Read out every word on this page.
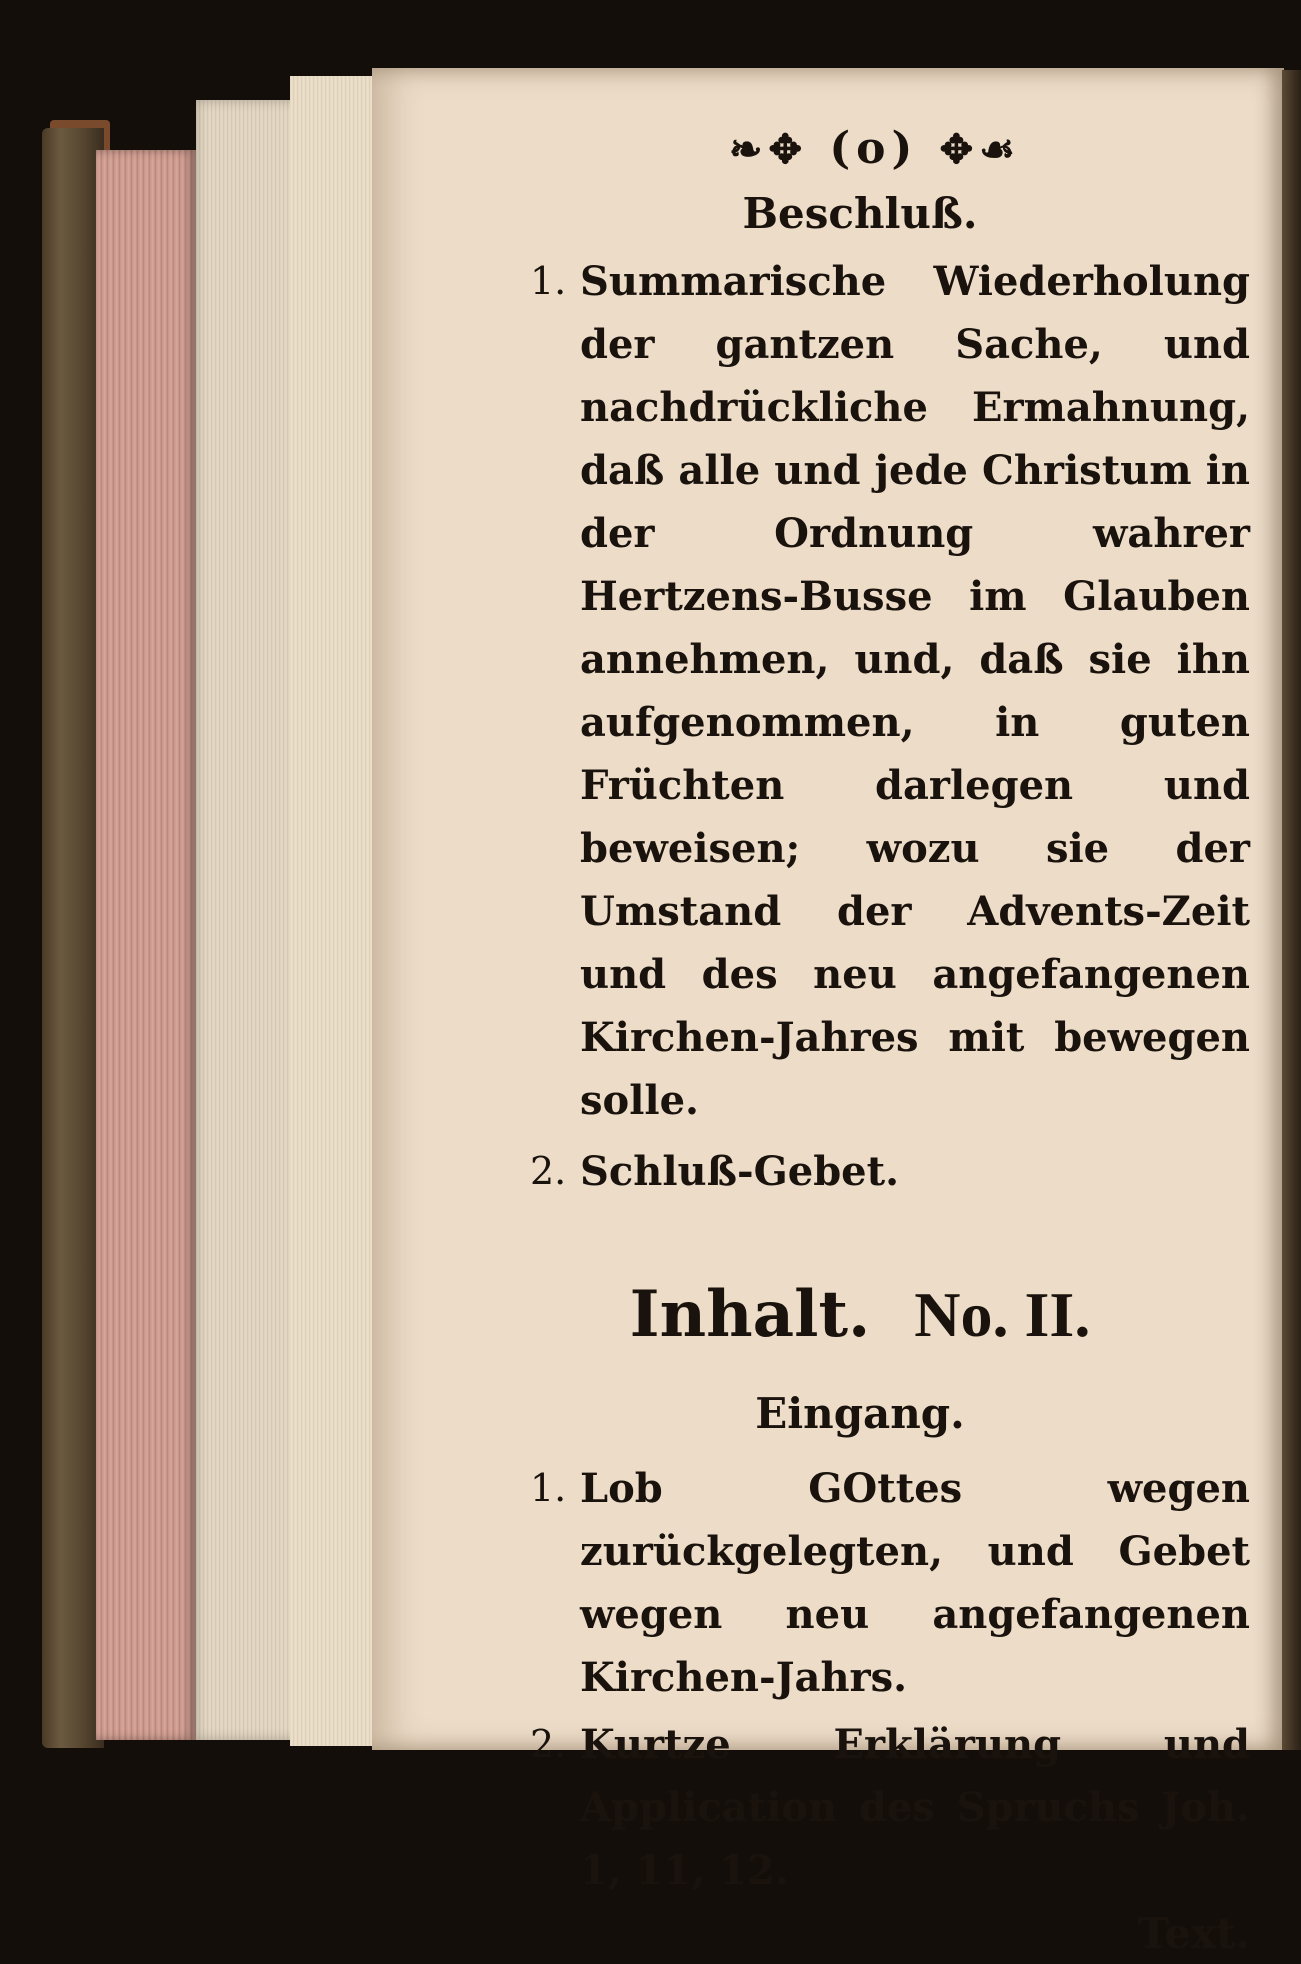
❧✥ (o) ✥☙
Beschluß.
1. Summarische Wiederholung der gantzen Sache, und nachdrückliche Ermahnung, daß alle und jede Christum in der Ordnung wahrer Hertzens-Busse im Glauben annehmen, und, daß sie ihn aufgenommen, in guten Früchten darlegen und beweisen; wozu sie der Umstand der Advents-Zeit und des neu angefangenen Kirchen-Jahres mit bewegen solle.
2. Schluß-Gebet.
Inhalt. No. II.
Eingang.
1. Lob GOttes wegen zurückgelegten, und Gebet wegen neu angefangenen Kirchen-Jahrs.
2. Kurtze Erklärung und Application des Spruchs Joh. 1, 11, 12.
Text.
